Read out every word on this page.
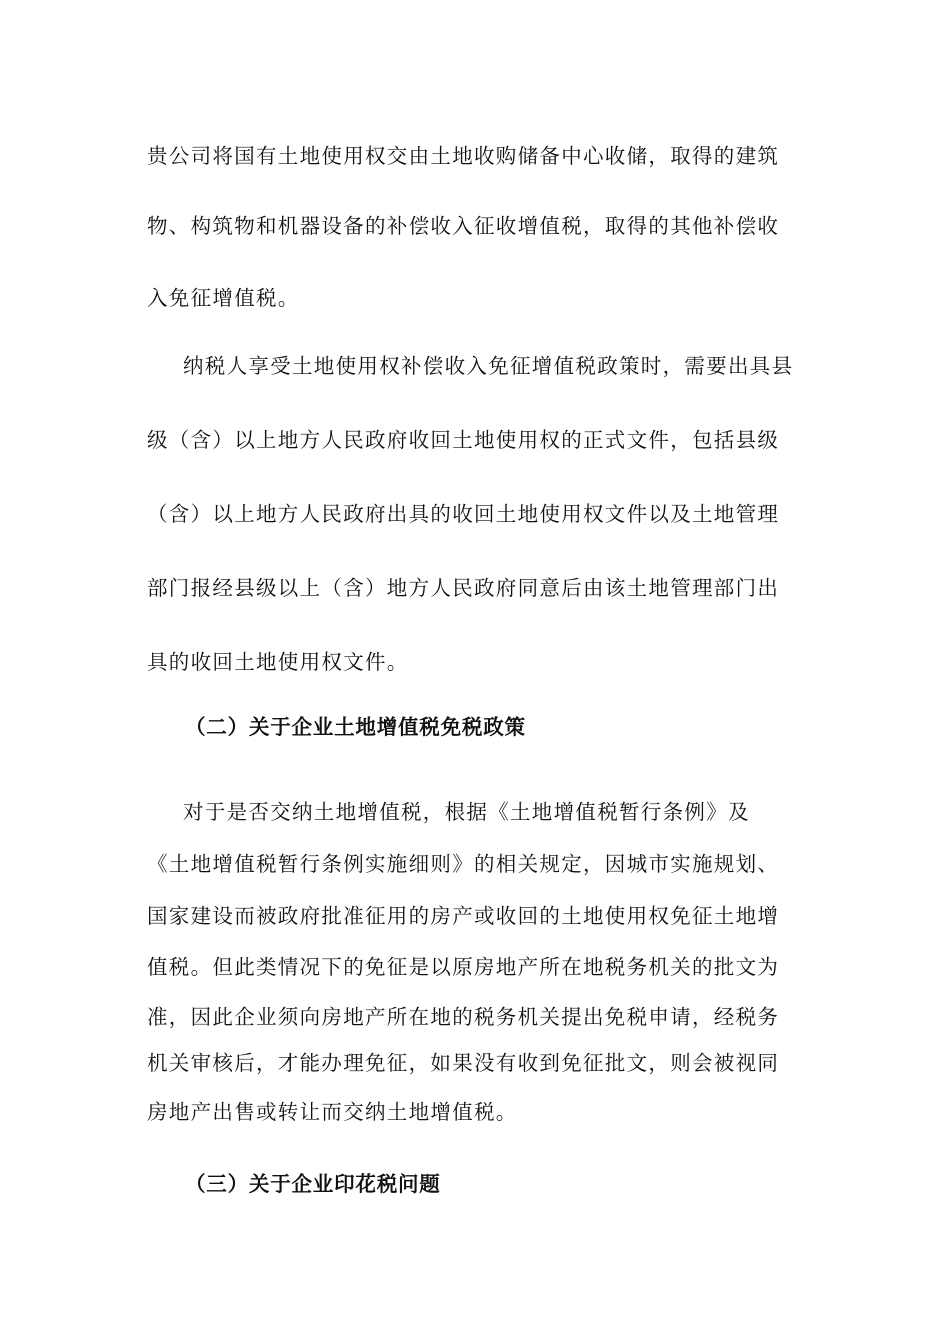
贵公司将国有土地使用权交由土地收购储备中心收储，取得的建筑
物、构筑物和机器设备的补偿收入征收增值税，取得的其他补偿收
入免征增值税。
纳税人享受土地使用权补偿收入免征增值税政策时，需要出具县
级（含）以上地方人民政府收回土地使用权的正式文件，包括县级
（含）以上地方人民政府出具的收回土地使用权文件以及土地管理
部门报经县级以上（含）地方人民政府同意后由该土地管理部门出
具的收回土地使用权文件。
（二）关于企业土地增值税免税政策
对于是否交纳土地增值税，根据《土地增值税暂行条例》及
《土地增值税暂行条例实施细则》的相关规定，因城市实施规划、
国家建设而被政府批准征用的房产或收回的土地使用权免征土地增
值税。但此类情况下的免征是以原房地产所在地税务机关的批文为
准，因此企业须向房地产所在地的税务机关提出免税申请，经税务
机关审核后，才能办理免征，如果没有收到免征批文，则会被视同
房地产出售或转让而交纳土地增值税。
（三）关于企业印花税问题
